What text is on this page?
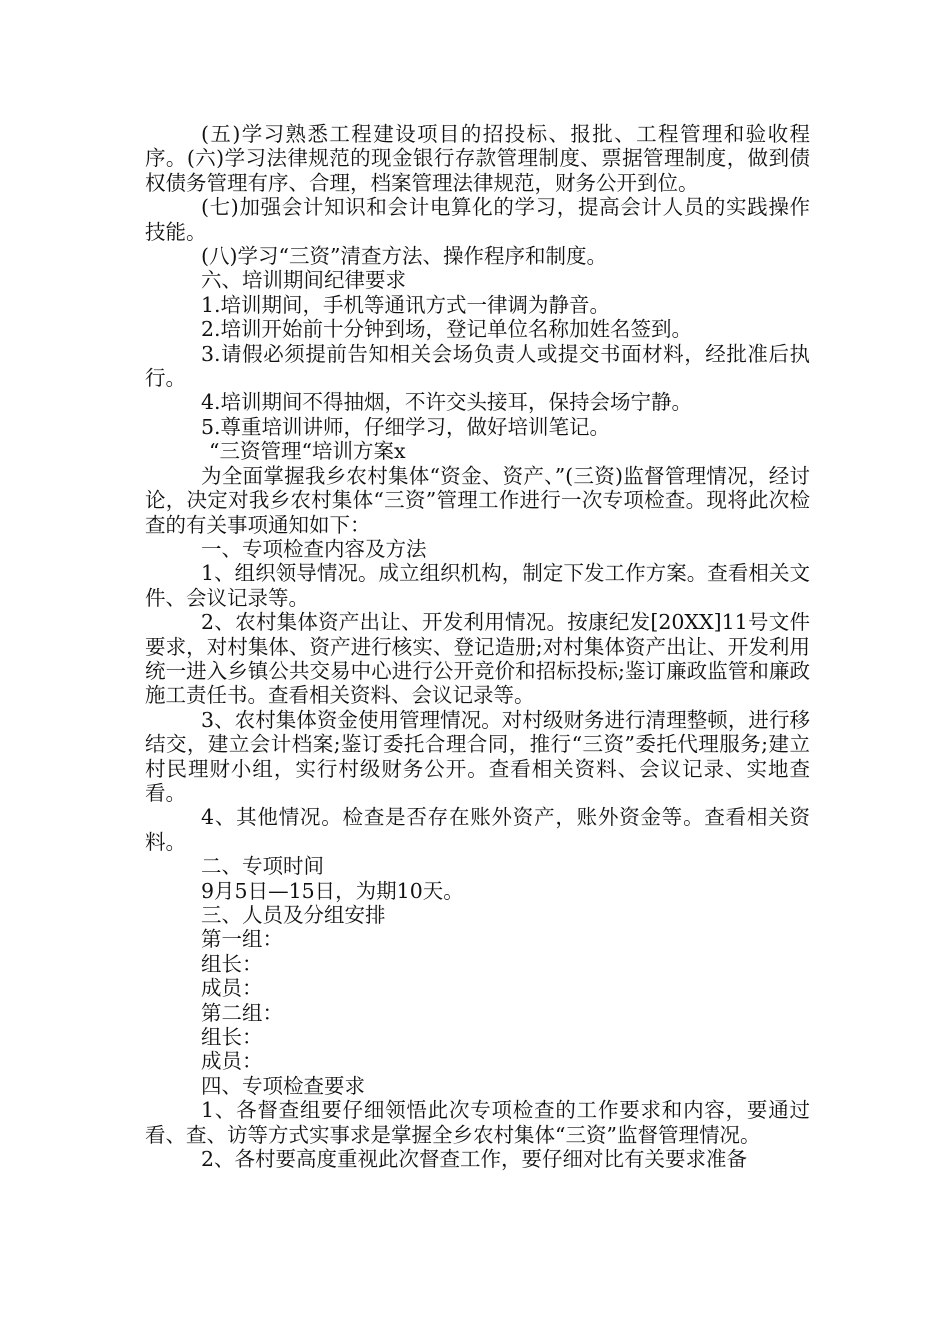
(五)学习熟悉工程建设项目的招投标、报批、工程管理和验收程序。(六)学习法律规范的现金银行存款管理制度、票据管理制度，做到债权债务管理有序、合理，档案管理法律规范，财务公开到位。

(七)加强会计知识和会计电算化的学习，提高会计人员的实践操作技能。

(八)学习“三资”清查方法、操作程序和制度。

六、培训期间纪律要求

1.培训期间，手机等通讯方式一律调为静音。

2.培训开始前十分钟到场，登记单位名称加姓名签到。

3.请假必须提前告知相关会场负责人或提交书面材料，经批准后执行。

4.培训期间不得抽烟，不许交头接耳，保持会场宁静。

5.尊重培训讲师，仔细学习，做好培训笔记。

“三资管理“培训方案x

为全面掌握我乡农村集体“资金、资产、”(三资)监督管理情况，经讨论，决定对我乡农村集体“三资”管理工作进行一次专项检查。现将此次检查的有关事项通知如下：

一、专项检查内容及方法

1、组织领导情况。成立组织机构，制定下发工作方案。查看相关文件、会议记录等。

2、农村集体资产出让、开发利用情况。按康纪发[20XX]11号文件要求，对村集体、资产进行核实、登记造册;对村集体资产出让、开发利用统一进入乡镇公共交易中心进行公开竞价和招标投标;鉴订廉政监管和廉政施工责任书。查看相关资料、会议记录等。

3、农村集体资金使用管理情况。对村级财务进行清理整顿，进行移结交，建立会计档案;鉴订委托合理合同，推行“三资”委托代理服务;建立村民理财小组，实行村级财务公开。查看相关资料、会议记录、实地查看。

4、其他情况。检查是否存在账外资产，账外资金等。查看相关资料。

二、专项时间

9月5日—15日，为期10天。

三、人员及分组安排

第一组：

组长：

成员：

第二组：

组长：

成员：

四、专项检查要求

1、各督查组要仔细领悟此次专项检查的工作要求和内容，要通过看、查、访等方式实事求是掌握全乡农村集体“三资”监督管理情况。

2、各村要高度重视此次督查工作，要仔细对比有关要求准备
